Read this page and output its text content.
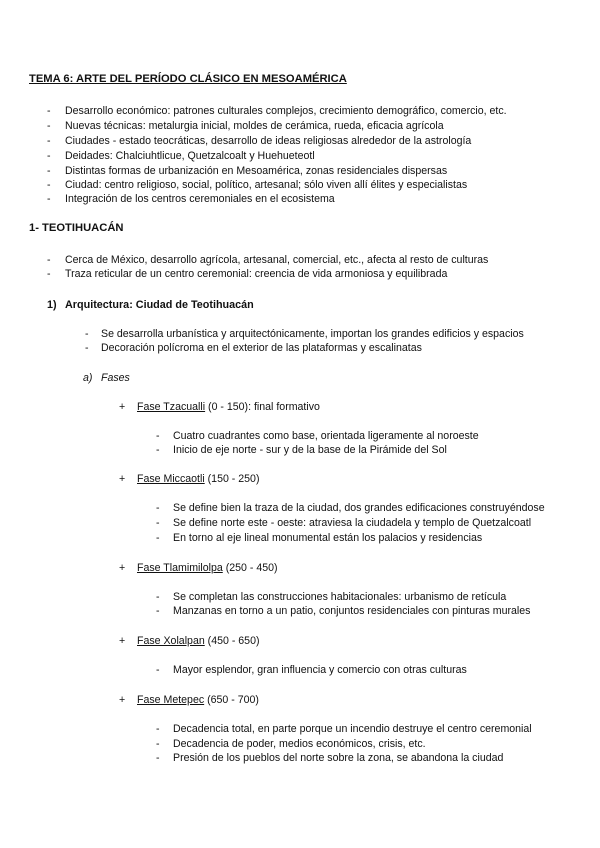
TEMA 6: ARTE DEL PERÍODO CLÁSICO EN MESOAMÉRICA
-	Desarrollo económico: patrones culturales complejos, crecimiento demográfico, comercio, etc.
-	Nuevas técnicas: metalurgia inicial, moldes de cerámica, rueda, eficacia agrícola
-	Ciudades - estado teocráticas, desarrollo de ideas religiosas alrededor de la astrología
-	Deidades: Chalciuhtlicue, Quetzalcoalt y Huehueteotl
-	Distintas formas de urbanización en Mesoamérica, zonas residenciales dispersas
-	Ciudad: centro religioso, social, político, artesanal; sólo viven allí élites y especialistas
-	Integración de los centros ceremoniales en el ecosistema
1- TEOTIHUACÁN
-	Cerca de México, desarrollo agrícola, artesanal, comercial, etc., afecta al resto de culturas
-	Traza reticular de un centro ceremonial: creencia de vida armoniosa y equilibrada
1) Arquitectura: Ciudad de Teotihuacán
-	Se desarrolla urbanística y arquitectónicamente, importan los grandes edificios y espacios
-	Decoración polícroma en el exterior de las plataformas y escalinatas
a) Fases
+ Fase Tzacualli (0 - 150): final formativo
-	Cuatro cuadrantes como base, orientada ligeramente al noroeste
-	Inicio de eje norte - sur y de la base de la Pirámide del Sol
+ Fase Miccaotli (150 - 250)
-	Se define bien la traza de la ciudad, dos grandes edificaciones construyéndose
-	Se define norte este - oeste: atraviesa la ciudadela y templo de Quetzalcoatl
-	En torno al eje lineal monumental están los palacios y residencias
+ Fase Tlamimilolpa (250 - 450)
-	Se completan las construcciones habitacionales: urbanismo de retícula
-	Manzanas en torno a un patio, conjuntos residenciales con pinturas murales
+ Fase Xolalpan (450 - 650)
-	Mayor esplendor, gran influencia y comercio con otras culturas
+ Fase Metepec (650 - 700)
-	Decadencia total, en parte porque un incendio destruye el centro ceremonial
-	Decadencia de poder, medios económicos, crisis, etc.
-	Presión de los pueblos del norte sobre la zona, se abandona la ciudad
